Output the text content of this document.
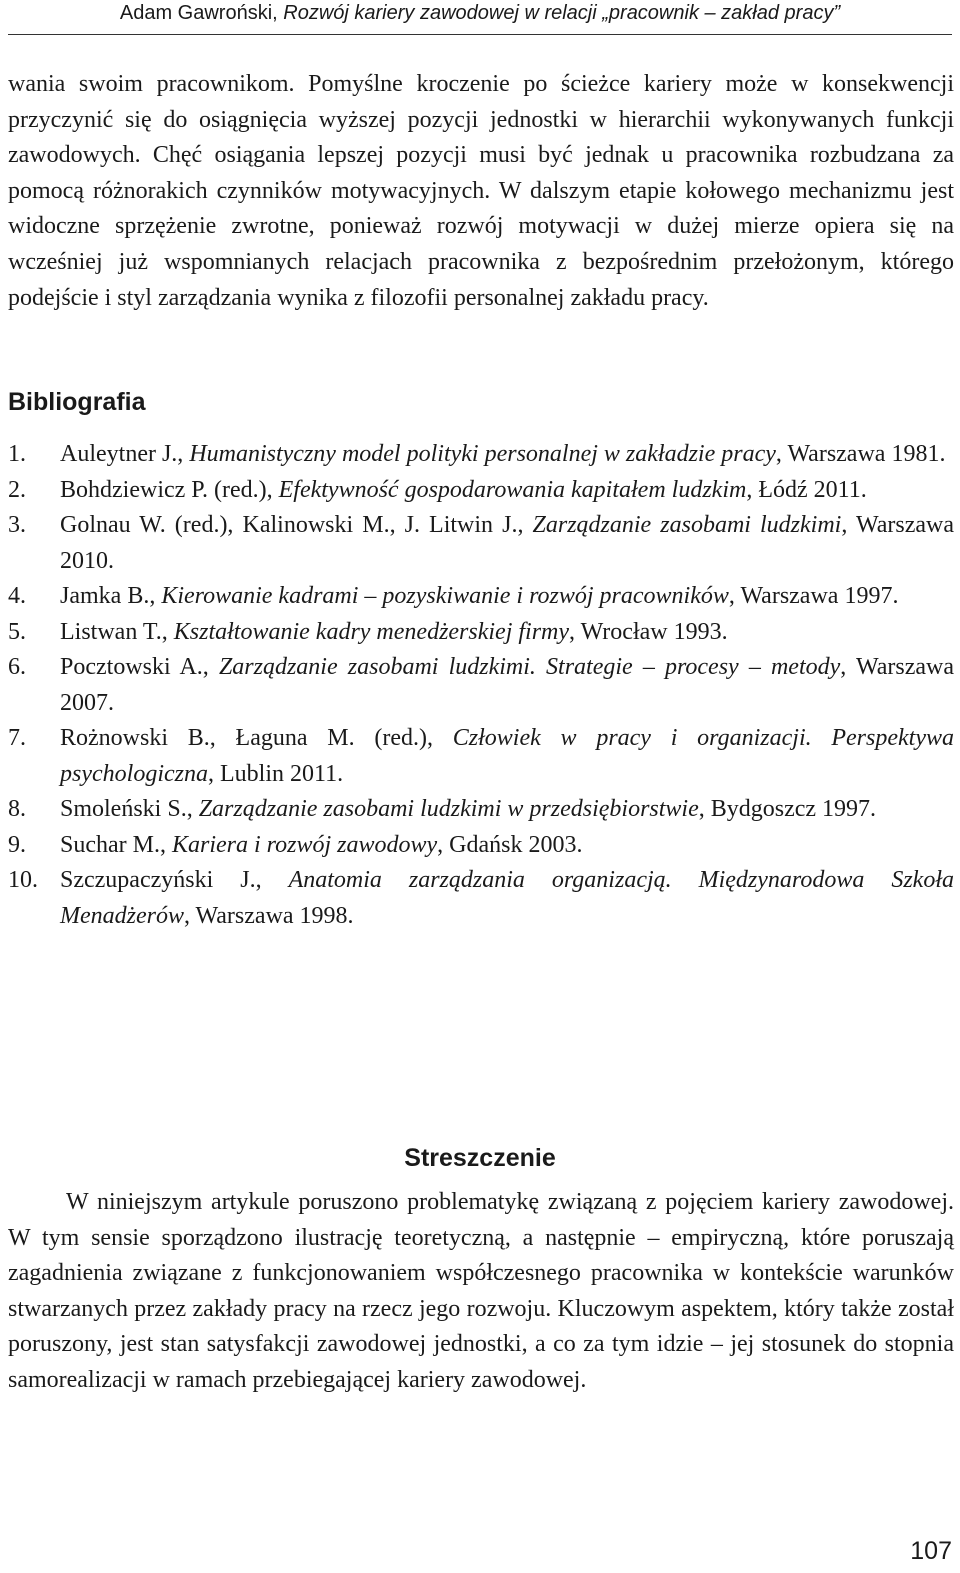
Adam Gawroński, Rozwój kariery zawodowej w relacji „pracownik – zakład pracy”

wania swoim pracownikom. Pomyślne kroczenie po ścieżce kariery może w konsekwencji przyczynić się do osiągnięcia wyższej pozycji jednostki w hierarchii wykonywanych funkcji zawodowych. Chęć osiągania lepszej pozycji musi być jednak u pracownika rozbudzana za pomocą różnorakich czynników motywacyjnych. W dalszym etapie kołowego mechanizmu jest widoczne sprzężenie zwrotne, ponieważ rozwój motywacji w dużej mierze opiera się na wcześniej już wspomnianych relacjach pracownika z bezpośrednim przełożonym, którego podejście i styl zarządzania wynika z filozofii personalnej zakładu pracy.

Bibliografia
1. Auleytner J., Humanistyczny model polityki personalnej w zakładzie pracy, Warszawa 1981.
2. Bohdziewicz P. (red.), Efektywność gospodarowania kapitałem ludzkim, Łódź 2011.
3. Golnau W. (red.), Kalinowski M., J. Litwin J., Zarządzanie zasobami ludzkimi, Warszawa 2010.
4. Jamka B., Kierowanie kadrami – pozyskiwanie i rozwój pracowników, Warszawa 1997.
5. Listwan T., Kształtowanie kadry menedżerskiej firmy, Wrocław 1993.
6. Pocztowski A., Zarządzanie zasobami ludzkimi. Strategie – procesy – metody, Warszawa 2007.
7. Rożnowski B., Łaguna M. (red.), Człowiek w pracy i organizacji. Perspektywa psychologiczna, Lublin 2011.
8. Smoleński S., Zarządzanie zasobami ludzkimi w przedsiębiorstwie, Bydgoszcz 1997.
9. Suchar M., Kariera i rozwój zawodowy, Gdańsk 2003.
10. Szczupaczyński J., Anatomia zarządzania organizacją. Międzynarodowa Szkoła Menadżerów, Warszawa 1998.
Streszczenie

W niniejszym artykule poruszono problematykę związaną z pojęciem kariery zawodowej. W tym sensie sporządzono ilustrację teoretyczną, a następnie – empiryczną, które poruszają zagadnienia związane z funkcjonowaniem współczesnego pracownika w kontekście warunków stwarzanych przez zakłady pracy na rzecz jego rozwoju. Kluczowym aspektem, który także został poruszony, jest stan satysfakcji zawodowej jednostki, a co za tym idzie – jej stosunek do stopnia samorealizacji w ramach przebiegającej kariery zawodowej.

107
